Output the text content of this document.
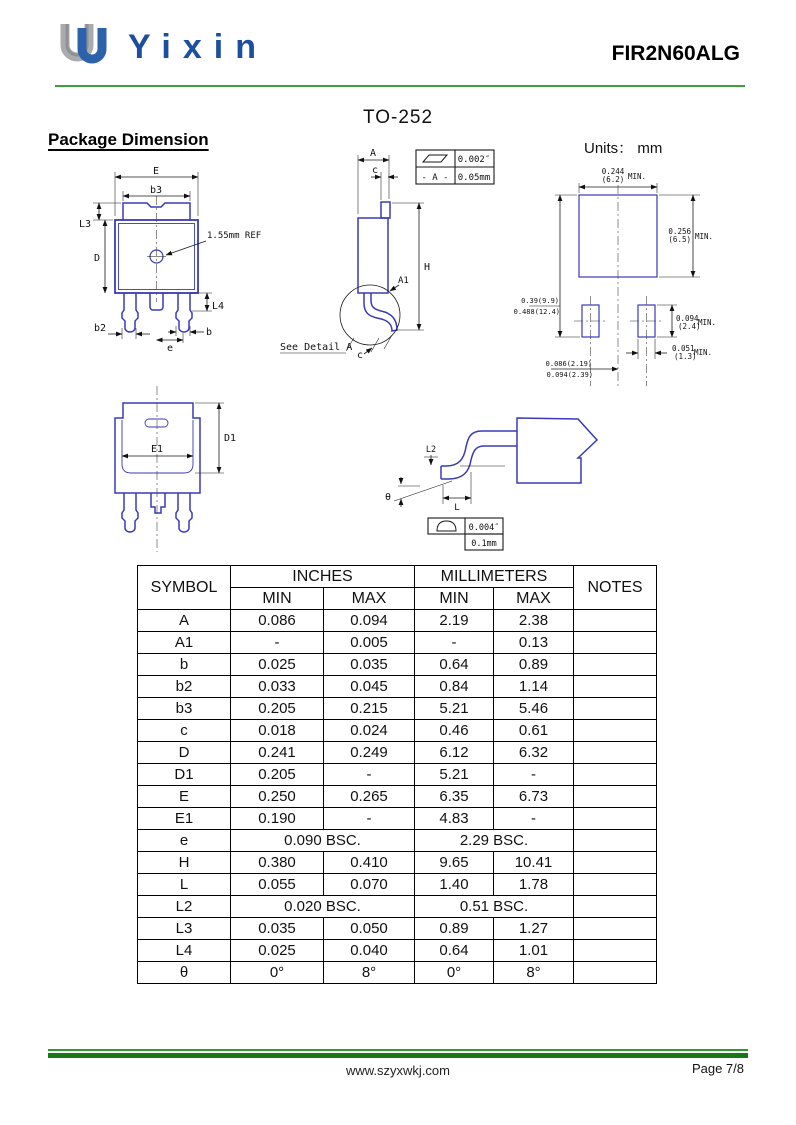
Yixin	FIR2N60ALG
TO-252
Package Dimension	Units： mm
E
b3
L3
D
1.55mm REF
L4
b2
e
b
A
c
H
A1
See Detail A
c
0.002″
- A - 0.05mm
0.244
(6.2) MIN.
0.256
(6.5) MIN.
0.39(9.9)
0.488(12.4)
0.094
(2.4)
MIN.
0.051
(1.3)
MIN.
0.086(2.19)
0.094(2.39)
E1
D1
L2
θ
L
0.004″
0.1mm
SYMBOL	INCHES		MILLIMETERS		NOTES
	MIN	MAX	MIN	MAX	
A	0.086	0.094	2.19	2.38	
A1	-	0.005	-	0.13	
b	0.025	0.035	0.64	0.89	
b2	0.033	0.045	0.84	1.14	
b3	0.205	0.215	5.21	5.46	
c	0.018	0.024	0.46	0.61	
D	0.241	0.249	6.12	6.32	
D1	0.205	-	5.21	-	
E	0.250	0.265	6.35	6.73	
E1	0.190	-	4.83	-	
e	0.090 BSC.		2.29 BSC.		
H	0.380	0.410	9.65	10.41	
L	0.055	0.070	1.40	1.78	
L2	0.020 BSC.		0.51 BSC.		
L3	0.035	0.050	0.89	1.27	
L4	0.025	0.040	0.64	1.01	
θ	0°	8°	0°	8°	
www.szyxwkj.com	Page 7/8
